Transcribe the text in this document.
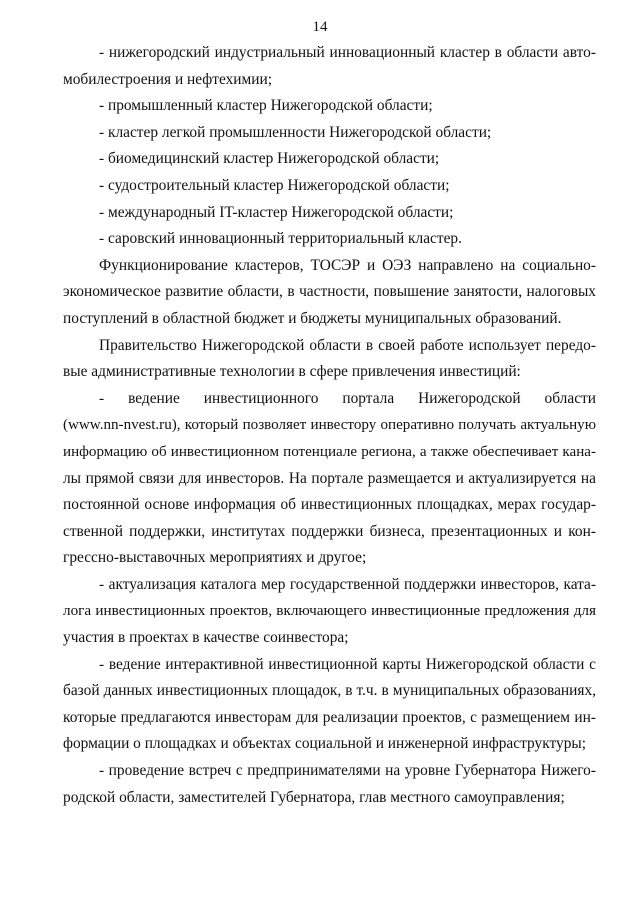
14
- нижегородский индустриальный инновационный кластер в области авто-
мобилестроения и нефтехимии;
- промышленный кластер Нижегородской области;
- кластер легкой промышленности Нижегородской области;
- биомедицинский кластер Нижегородской области;
- судостроительный кластер Нижегородской области;
- международный IT-кластер Нижегородской области;
- саровский инновационный территориальный кластер.
Функционирование кластеров, ТОСЭР и ОЭЗ направлено на социально-
экономическое развитие области, в частности, повышение занятости, налоговых
поступлений в областной бюджет и бюджеты муниципальных образований.
Правительство Нижегородской области в своей работе использует передо-
вые административные технологии в сфере привлечения инвестиций:
- ведение инвестиционного портала Нижегородской области
(www.nn-nvest.ru), который позволяет инвестору оперативно получать актуальную
информацию об инвестиционном потенциале региона, а также обеспечивает кана-
лы прямой связи для инвесторов. На портале размещается и актуализируется на
постоянной основе информация об инвестиционных площадках, мерах государ-
ственной поддержки, институтах поддержки бизнеса, презентационных и кон-
грессно-выставочных мероприятиях и другое;
- актуализация каталога мер государственной поддержки инвесторов, ката-
лога инвестиционных проектов, включающего инвестиционные предложения для
участия в проектах в качестве соинвестора;
- ведение интерактивной инвестиционной карты Нижегородской области с
базой данных инвестиционных площадок, в т.ч. в муниципальных образованиях,
которые предлагаются инвесторам для реализации проектов, с размещением ин-
формации о площадках и объектах социальной и инженерной инфраструктуры;
- проведение встреч с предпринимателями на уровне Губернатора Нижего-
родской области, заместителей Губернатора, глав местного самоуправления;
